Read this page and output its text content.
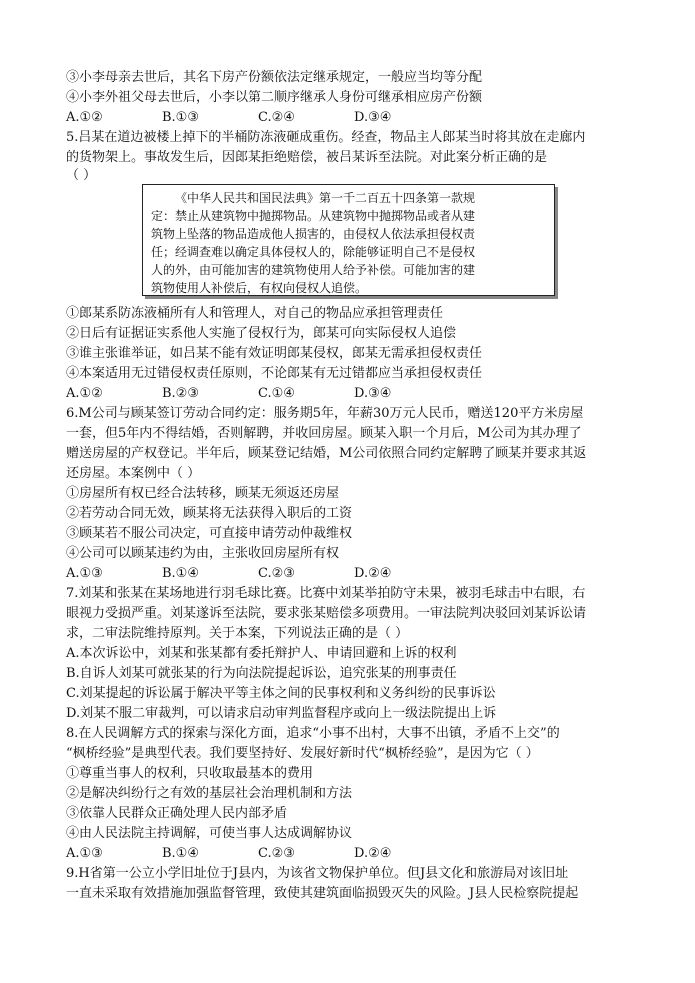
③小李母亲去世后，其名下房产份额依法定继承规定，一般应当均等分配
④小李外祖父母去世后，小李以第二顺序继承人身份可继承相应房产份额
A.①②	B.①③	C.②④	D.③④
5.吕某在道边被楼上掉下的半桶防冻液砸成重伤。经查，物品主人郎某当时将其放在走廊内
的货物架上。事故发生后，因郎某拒绝赔偿，被吕某诉至法院。对此案分析正确的是
（ ）
《中华人民共和国民法典》第一千二百五十四条第一款规
定：禁止从建筑物中抛掷物品。从建筑物中抛掷物品或者从建
筑物上坠落的物品造成他人损害的，由侵权人依法承担侵权责
任；经调查难以确定具体侵权人的，除能够证明自己不是侵权
人的外，由可能加害的建筑物使用人给予补偿。可能加害的建
筑物使用人补偿后，有权向侵权人追偿。
①郎某系防冻液桶所有人和管理人，对自己的物品应承担管理责任
②日后有证据证实系他人实施了侵权行为，郎某可向实际侵权人追偿
③谁主张谁举证，如吕某不能有效证明郎某侵权，郎某无需承担侵权责任
④本案适用无过错侵权责任原则，不论郎某有无过错都应当承担侵权责任
A.①②	B.②③	C.①④	D.③④
6.M公司与顾某签订劳动合同约定：服务期5年，年薪30万元人民币，赠送120平方米房屋
一套，但5年内不得结婚，否则解聘，并收回房屋。顾某入职一个月后，M公司为其办理了
赠送房屋的产权登记。半年后，顾某登记结婚，M公司依照合同约定解聘了顾某并要求其返
还房屋。本案例中（ ）
①房屋所有权已经合法转移，顾某无须返还房屋
②若劳动合同无效，顾某将无法获得入职后的工资
③顾某若不服公司决定，可直接申请劳动仲裁维权
④公司可以顾某违约为由，主张收回房屋所有权
A.①③	B.①④	C.②③	D.②④
7.刘某和张某在某场地进行羽毛球比赛。比赛中刘某举拍防守未果，被羽毛球击中右眼，右
眼视力受损严重。刘某遂诉至法院，要求张某赔偿多项费用。一审法院判决驳回刘某诉讼请
求，二审法院维持原判。关于本案，下列说法正确的是（ ）
A.本次诉讼中，刘某和张某都有委托辩护人、申请回避和上诉的权利
B.自诉人刘某可就张某的行为向法院提起诉讼，追究张某的刑事责任
C.刘某提起的诉讼属于解决平等主体之间的民事权利和义务纠纷的民事诉讼
D.刘某不服二审裁判，可以请求启动审判监督程序或向上一级法院提出上诉
8.在人民调解方式的探索与深化方面，追求“小事不出村，大事不出镇，矛盾不上交”的
“枫桥经验”是典型代表。我们要坚持好、发展好新时代“枫桥经验”，是因为它（ ）
①尊重当事人的权利，只收取最基本的费用
②是解决纠纷行之有效的基层社会治理机制和方法
③依靠人民群众正确处理人民内部矛盾
④由人民法院主持调解，可使当事人达成调解协议
A.①③	B.①④	C.②③	D.②④
9.H省第一公立小学旧址位于J县内，为该省文物保护单位。但J县文化和旅游局对该旧址
一直未采取有效措施加强监督管理，致使其建筑面临损毁灭失的风险。J县人民检察院提起
